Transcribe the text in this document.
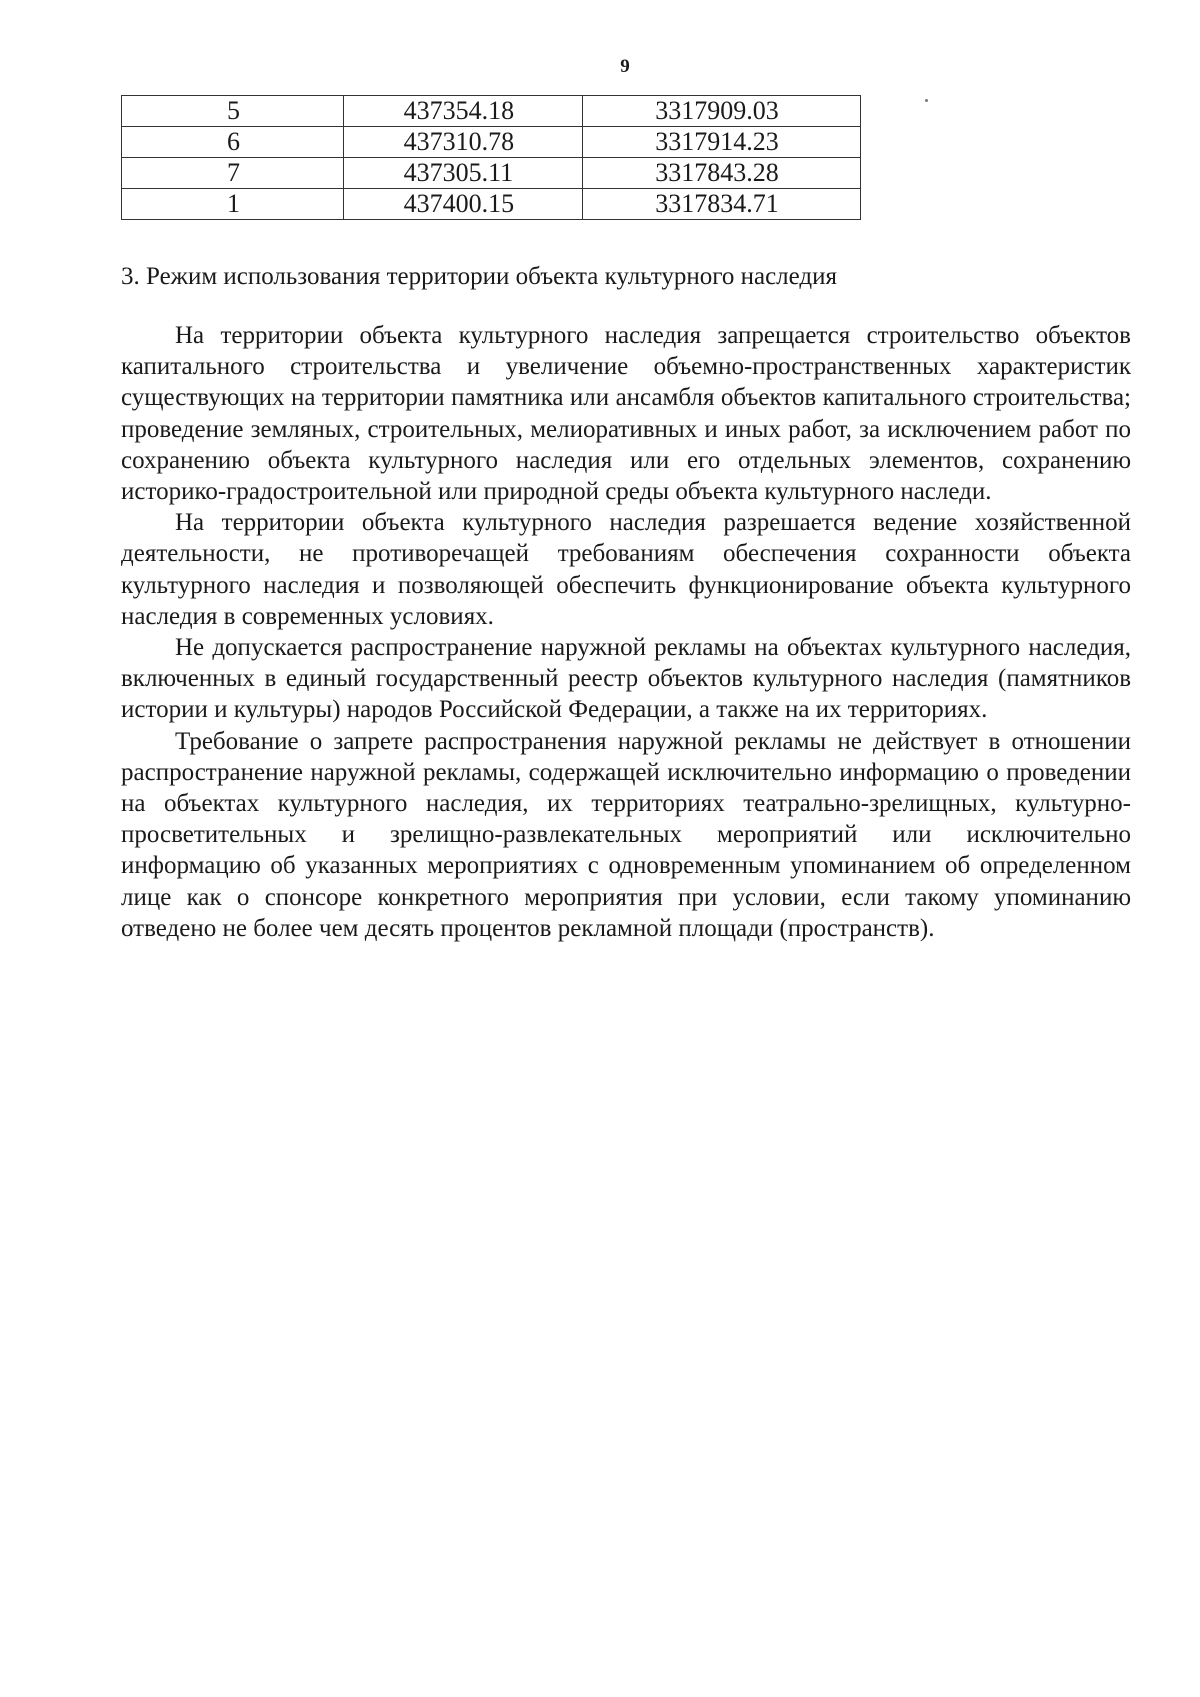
9
5	437354.18	3317909.03
6	437310.78	3317914.23
7	437305.11	3317843.28
1	437400.15	3317834.71
3. Режим использования территории объекта культурного наследия

На территории объекта культурного наследия запрещается строительство объектов капитального строительства и увеличение объемно-пространственных характеристик существующих на территории памятника или ансамбля объектов капитального строительства; проведение земляных, строительных, мелиоративных и иных работ, за исключением работ по сохранению объекта культурного наследия или его отдельных элементов, сохранению историко-градостроительной или природной среды объекта культурного наследи.

На территории объекта культурного наследия разрешается ведение хозяйственной деятельности, не противоречащей требованиям обеспечения сохранности объекта культурного наследия и позволяющей обеспечить функционирование объекта культурного наследия в современных условиях.

Не допускается распространение наружной рекламы на объектах культурного наследия, включенных в единый государственный реестр объектов культурного наследия (памятников истории и культуры) народов Российской Федерации, а также на их территориях.

Требование о запрете распространения наружной рекламы не действует в отношении распространение наружной рекламы, содержащей исключительно информацию о проведении на объектах культурного наследия, их территориях театрально-зрелищных, культурно-просветительных и зрелищно-развлекательных мероприятий или исключительно информацию об указанных мероприятиях с одновременным упоминанием об определенном лице как о спонсоре конкретного мероприятия при условии, если такому упоминанию отведено не более чем десять процентов рекламной площади (пространств).
